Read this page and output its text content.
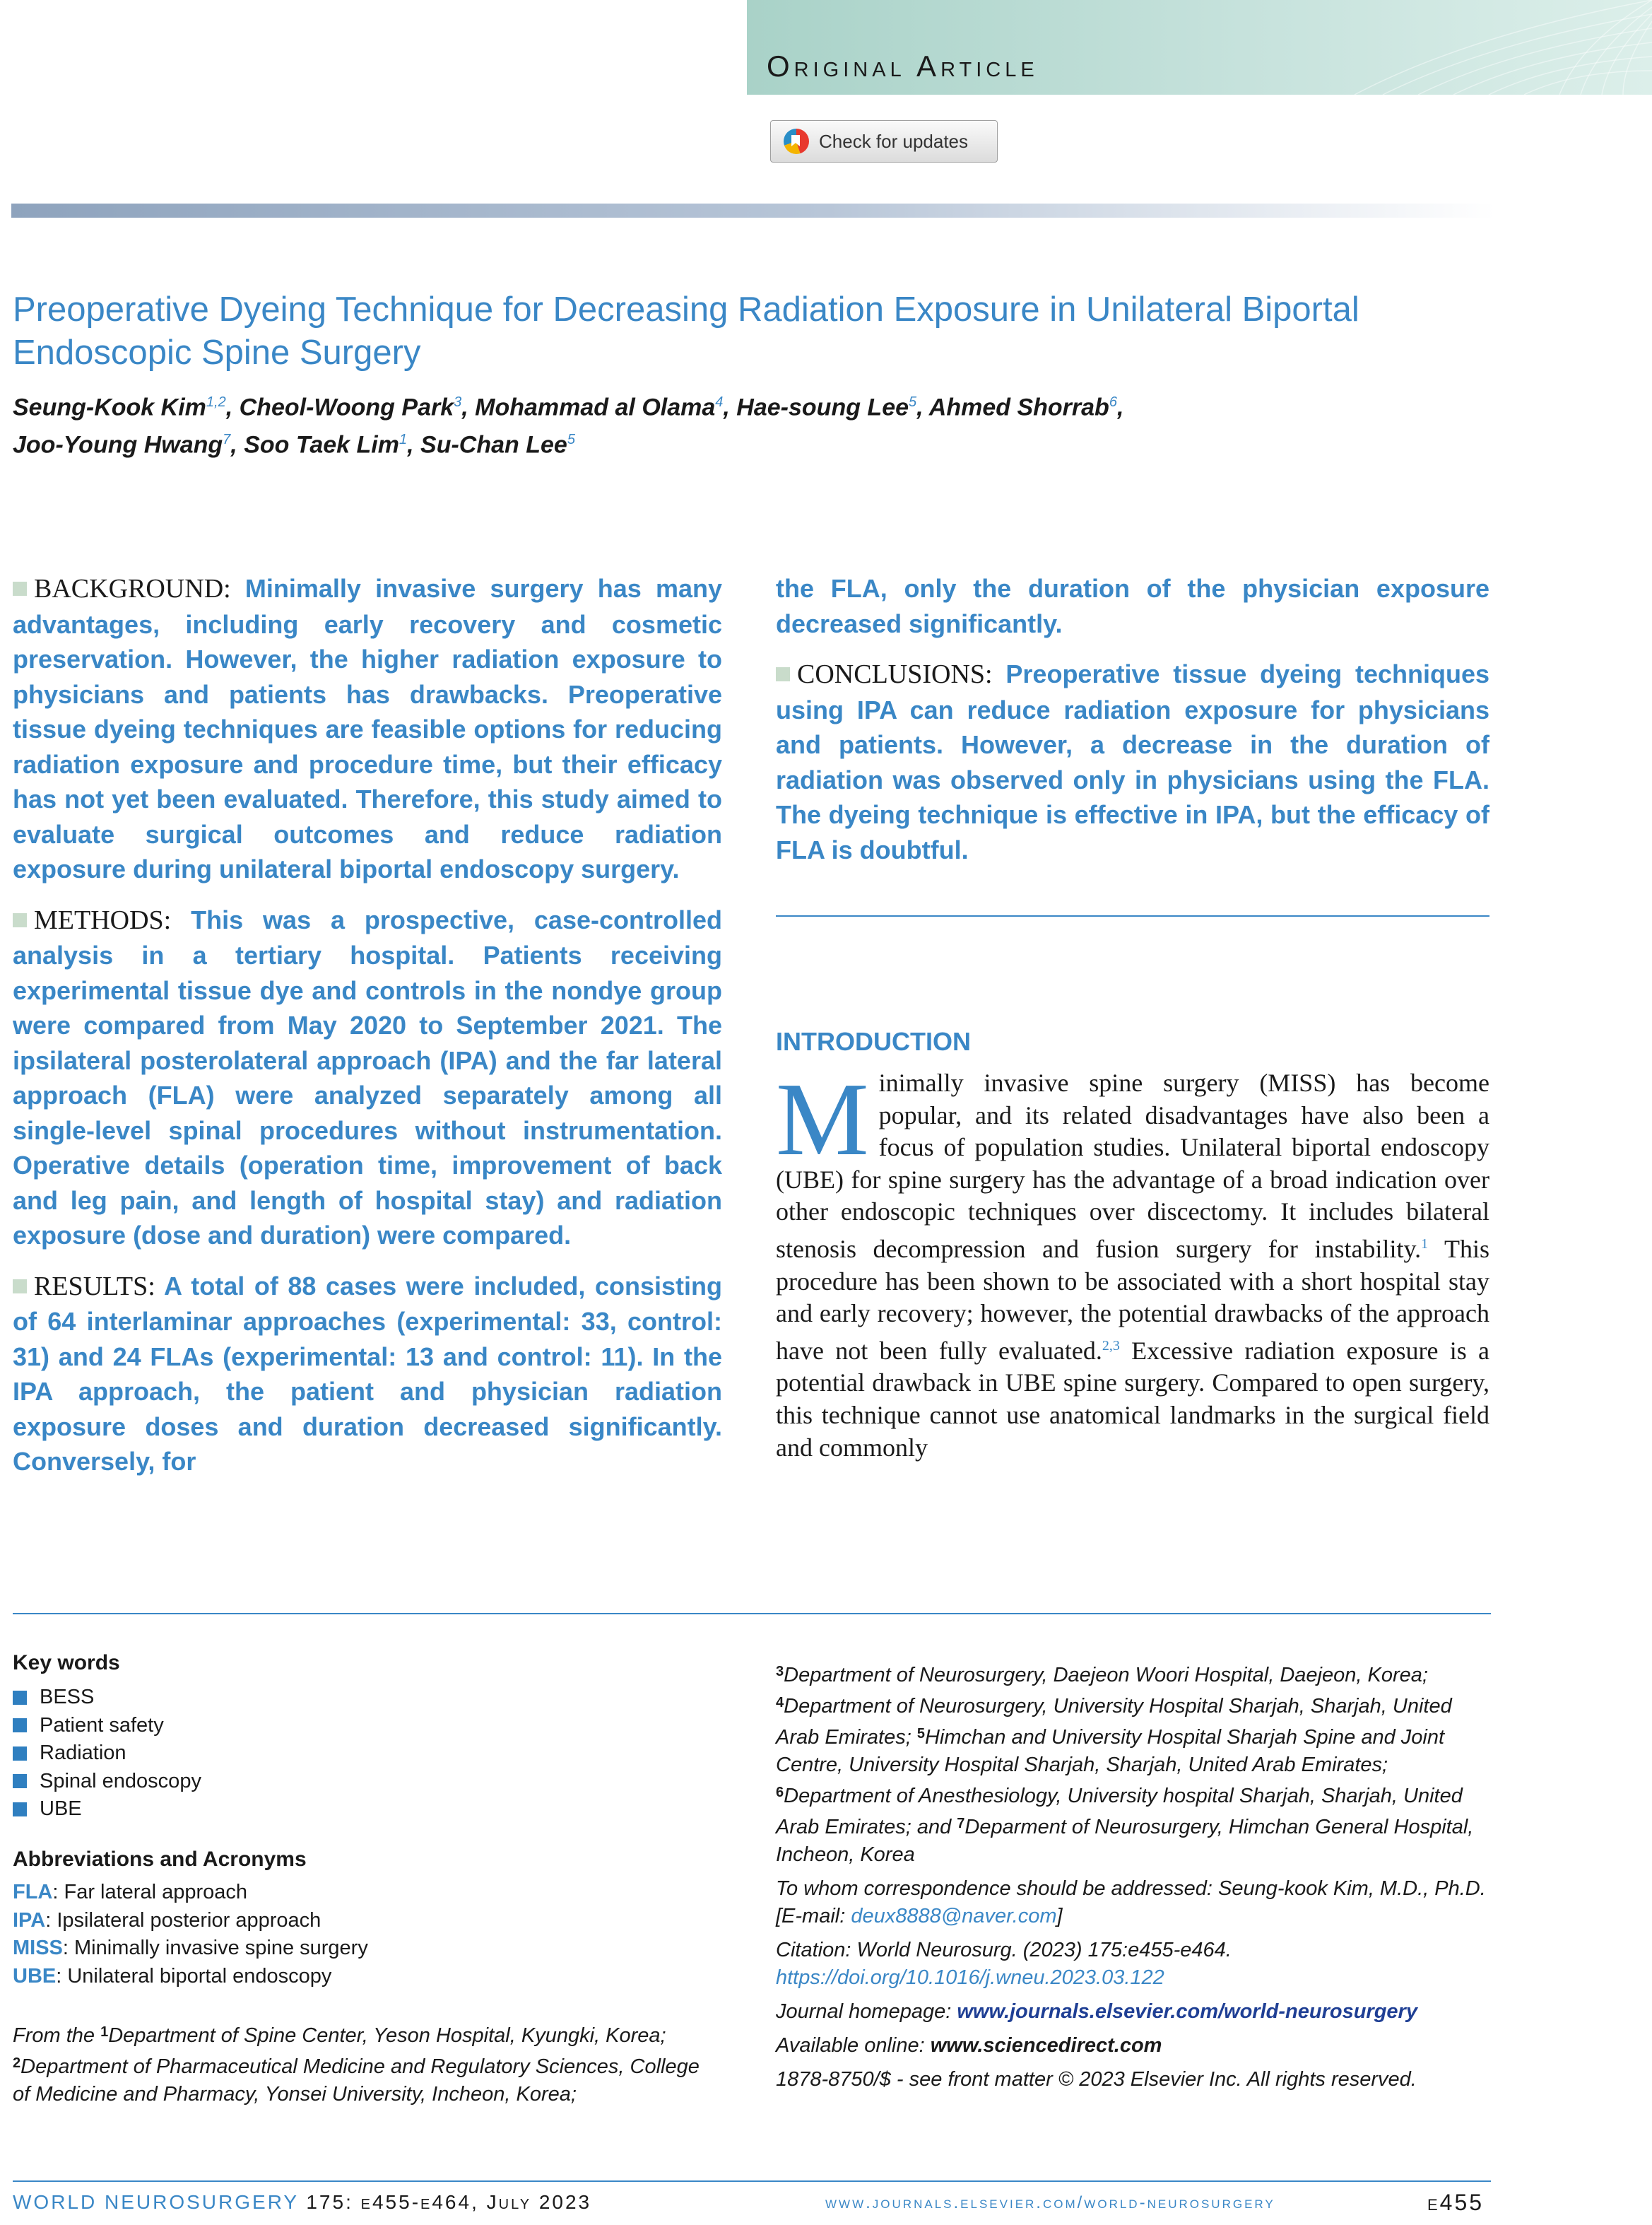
Original Article
Check for updates
Preoperative Dyeing Technique for Decreasing Radiation Exposure in Unilateral Biportal Endoscopic Spine Surgery
Seung-Kook Kim$^{1,2}$, Cheol-Woong Park$^3$, Mohammad al Olama$^4$, Hae-soung Lee$^5$, Ahmed Shorrab$^6$,
Joo-Young Hwang$^7$, Soo Taek Lim$^1$, Su-Chan Lee$^5$

BACKGROUND: Minimally invasive surgery has many advantages, including early recovery and cosmetic preservation. However, the higher radiation exposure to physicians and patients has drawbacks. Preoperative tissue dyeing techniques are feasible options for reducing radiation exposure and procedure time, but their efficacy has not yet been evaluated. Therefore, this study aimed to evaluate surgical outcomes and reduce radiation exposure during unilateral biportal endoscopy surgery.

METHODS: This was a prospective, case-controlled analysis in a tertiary hospital. Patients receiving experimental tissue dye and controls in the nondye group were compared from May 2020 to September 2021. The ipsilateral posterolateral approach (IPA) and the far lateral approach (FLA) were analyzed separately among all single-level spinal procedures without instrumentation. Operative details (operation time, improvement of back and leg pain, and length of hospital stay) and radiation exposure (dose and duration) were compared.

RESULTS: A total of 88 cases were included, consisting of 64 interlaminar approaches (experimental: 33, control: 31) and 24 FLAs (experimental: 13 and control: 11). In the IPA approach, the patient and physician radiation exposure doses and duration decreased significantly. Conversely, for

the FLA, only the duration of the physician exposure decreased significantly.

CONCLUSIONS: Preoperative tissue dyeing techniques using IPA can reduce radiation exposure for physicians and patients. However, a decrease in the duration of radiation was observed only in physicians using the FLA. The dyeing technique is effective in IPA, but the efficacy of FLA is doubtful.

INTRODUCTION

Minimally invasive spine surgery (MISS) has become popular, and its related disadvantages have also been a focus of population studies. Unilateral biportal endoscopy (UBE) for spine surgery has the advantage of a broad indication over other endoscopic techniques over discectomy. It includes bilateral stenosis decompression and fusion surgery for instability.$^1$ This procedure has been shown to be associated with a short hospital stay and early recovery; however, the potential drawbacks of the approach have not been fully evaluated.$^{2,3}$ Excessive radiation exposure is a potential drawback in UBE spine surgery. Compared to open surgery, this technique cannot use anatomical landmarks in the surgical field and commonly

Key words
BESS
Patient safety
Radiation
Spinal endoscopy
UBE
Abbreviations and Acronyms
FLA: Far lateral approach
IPA: Ipsilateral posterior approach
MISS: Minimally invasive spine surgery
UBE: Unilateral biportal endoscopy
From the $^1$Department of Spine Center, Yeson Hospital, Kyungki, Korea; $^2$Department of Pharmaceutical Medicine and Regulatory Sciences, College of Medicine and Pharmacy, Yonsei University, Incheon, Korea;

$^3$Department of Neurosurgery, Daejeon Woori Hospital, Daejeon, Korea; $^4$Department of Neurosurgery, University Hospital Sharjah, Sharjah, United Arab Emirates; $^5$Himchan and University Hospital Sharjah Spine and Joint Centre, University Hospital Sharjah, Sharjah, United Arab Emirates; $^6$Department of Anesthesiology, University hospital Sharjah, Sharjah, United Arab Emirates; and $^7$Deparment of Neurosurgery, Himchan General Hospital, Incheon, Korea

To whom correspondence should be addressed: Seung-kook Kim, M.D., Ph.D.
[E-mail: deux8888@naver.com]

Citation: World Neurosurg. (2023) 175:e455-e464.
https://doi.org/10.1016/j.wneu.2023.03.122

Journal homepage: www.journals.elsevier.com/world-neurosurgery

Available online: www.sciencedirect.com

1878-8750/$ - see front matter © 2023 Elsevier Inc. All rights reserved.

WORLD NEUROSURGERY 175: e455-e464, July 2023	www.journals.elsevier.com/world-neurosurgery	e455
